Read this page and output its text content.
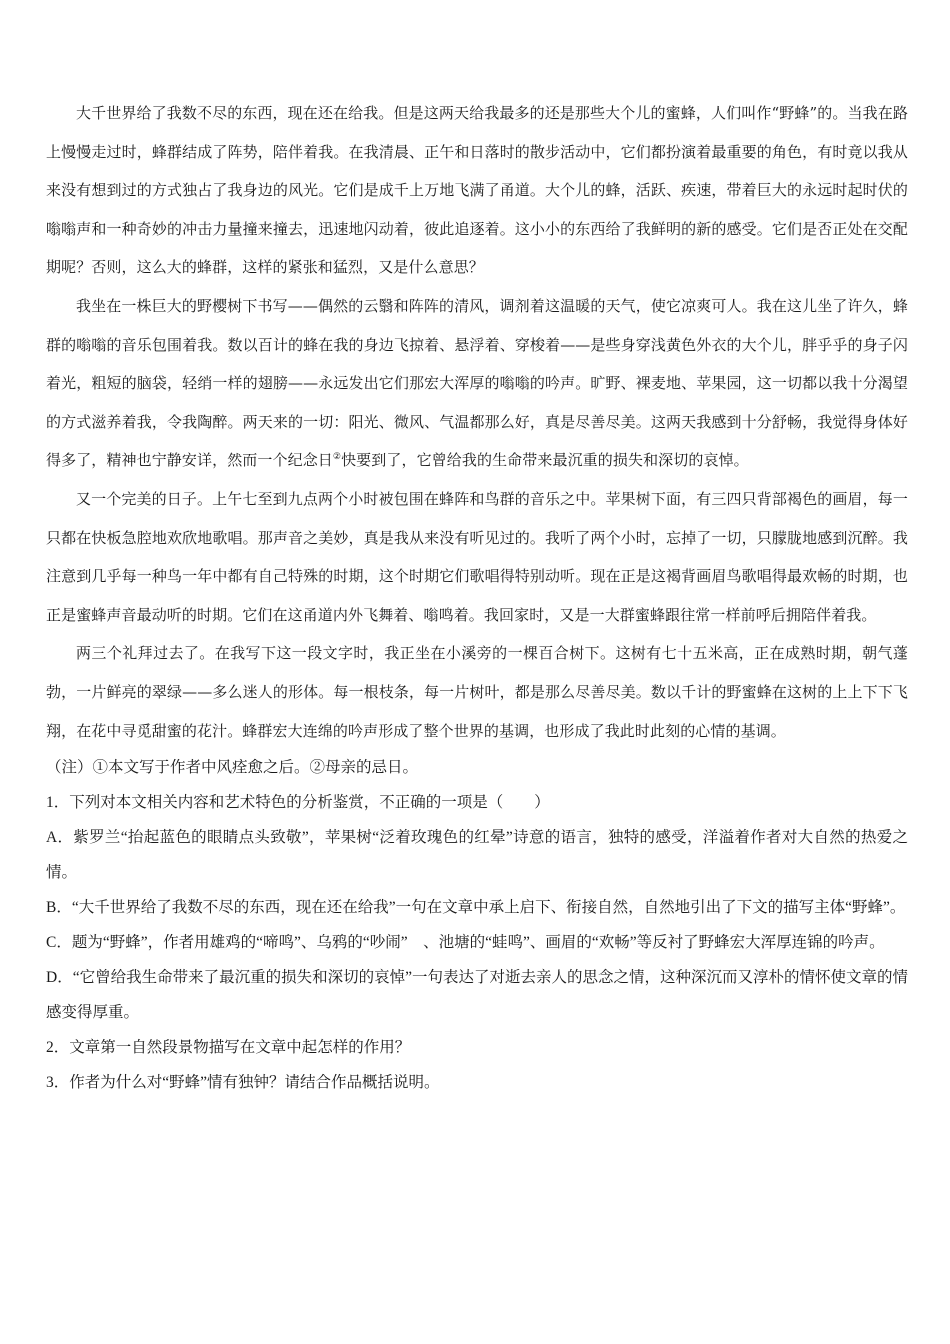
大千世界给了我数不尽的东西，现在还在给我。但是这两天给我最多的还是那些大个儿的蜜蜂，人们叫作“野蜂”的。当我在路上慢慢走过时，蜂群结成了阵势，陪伴着我。在我清晨、正午和日落时的散步活动中，它们都扮演着最重要的角色，有时竟以我从来没有想到过的方式独占了我身边的风光。它们是成千上万地飞满了甬道。大个儿的蜂，活跃、疾速，带着巨大的永远时起时伏的嗡嗡声和一种奇妙的冲击力量撞来撞去，迅速地闪动着，彼此追逐着。这小小的东西给了我鲜明的新的感受。它们是否正处在交配期呢？否则，这么大的蜂群，这样的紧张和猛烈，又是什么意思？

我坐在一株巨大的野樱树下书写——偶然的云翳和阵阵的清风，调剂着这温暖的天气，使它凉爽可人。我在这儿坐了许久，蜂群的嗡嗡的音乐包围着我。数以百计的蜂在我的身边飞掠着、悬浮着、穿梭着——是些身穿浅黄色外衣的大个儿，胖乎乎的身子闪着光，粗短的脑袋，轻绡一样的翅膀——永远发出它们那宏大浑厚的嗡嗡的吟声。旷野、裸麦地、苹果园，这一切都以我十分渴望的方式滋养着我，令我陶醉。两天来的一切：阳光、微风、气温都那么好，真是尽善尽美。这两天我感到十分舒畅，我觉得身体好得多了，精神也宁静安详，然而一个纪念日②快要到了，它曾给我的生命带来最沉重的损失和深切的哀悼。

又一个完美的日子。上午七至到九点两个小时被包围在蜂阵和鸟群的音乐之中。苹果树下面，有三四只背部褐色的画眉，每一只都在快板急腔地欢欣地歌唱。那声音之美妙，真是我从来没有听见过的。我听了两个小时，忘掉了一切，只朦胧地感到沉醉。我注意到几乎每一种鸟一年中都有自己特殊的时期，这个时期它们歌唱得特别动听。现在正是这褐背画眉鸟歌唱得最欢畅的时期，也正是蜜蜂声音最动听的时期。它们在这甬道内外飞舞着、嗡鸣着。我回家时，又是一大群蜜蜂跟往常一样前呼后拥陪伴着我。

两三个礼拜过去了。在我写下这一段文字时，我正坐在小溪旁的一棵百合树下。这树有七十五米高，正在成熟时期，朝气蓬勃，一片鲜亮的翠绿——多么迷人的形体。每一根枝条，每一片树叶，都是那么尽善尽美。数以千计的野蜜蜂在这树的上上下下飞翔，在花中寻觅甜蜜的花汁。蜂群宏大连绵的吟声形成了整个世界的基调，也形成了我此时此刻的心情的基调。

（注）①本文写于作者中风痊愈之后。②母亲的忌日。

1．下列对本文相关内容和艺术特色的分析鉴赏，不正确的一项是（　　）

A．紫罗兰“抬起蓝色的眼睛点头致敬”，苹果树“泛着玫瑰色的红晕”诗意的语言，独特的感受，洋溢着作者对大自然的热爱之情。

B．“大千世界给了我数不尽的东西，现在还在给我”一句在文章中承上启下、衔接自然，自然地引出了下文的描写主体“野蜂”。

C．题为“野蜂”，作者用雄鸡的“啼鸣”、乌鸦的“吵闹”　、池塘的“蛙鸣”、画眉的“欢畅”等反衬了野蜂宏大浑厚连锦的吟声。

D．“它曾给我生命带来了最沉重的损失和深切的哀悼”一句表达了对逝去亲人的思念之情，这种深沉而又淳朴的情怀使文章的情感变得厚重。

2．文章第一自然段景物描写在文章中起怎样的作用？

3．作者为什么对“野蜂”情有独钟？请结合作品概括说明。
